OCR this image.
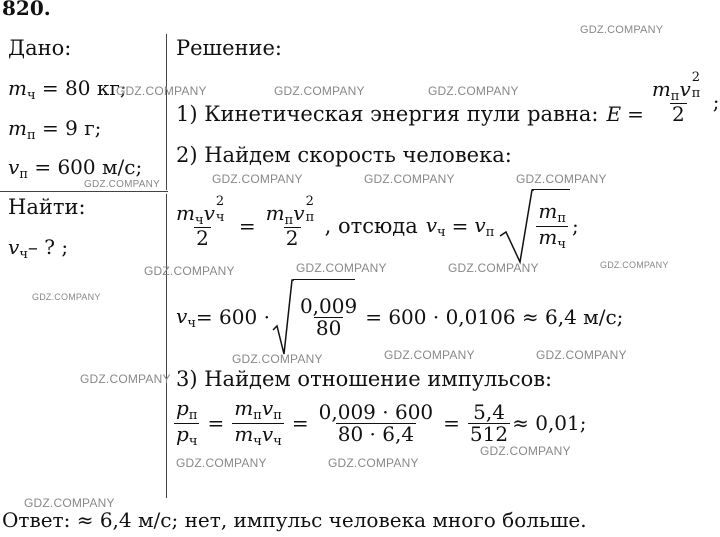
820.
Дано:
$m_ч = 80$ кг;
$m_п = 9$ г;
$v_п = 600$ м/с;
Найти:
$v_ч-$ ? ;
Решение:
1) Кинетическая энергия пули равна: $E = m_пv$ 2
п
2 ;
2) Найдем скорость человека:
$m_чv$ 2
ч
$2 = m_пv$ 2
п
2 , отсюда $v_ч = v_п \frac{m_п}{m_ч}$ ;
$v_ч = 600 \cdot \frac{0,009}{80} = 600 \cdot 0,0106 \approx 6,4$ м/с;
3) Найдем отношение импульсов:
$\frac{p_п}{p_ч} = \frac{m_пv_п}{m_чv_ч} = \frac{0,009 \cdot 600}{80 \cdot 6,4} = \frac{5,4}{512} \approx 0,01$;
Ответ: ≈ 6,4 м/с; нет, импульс человека много больше.
GDZ.COMPANY
GDZ.COMPANY	GDZ.COMPANY	GDZ.COMPANY
GDZ.COMPANY	GDZ.COMPANY	GDZ.COMPANY	GDZ.COMPANY
GDZ.COMPANY	GDZ.COMPANY	GDZ.COMPANY	GDZ.COMPANY
GDZ.COMPANY
GDZ.COMPANY	GDZ.COMPANY	GDZ.COMPANY
GDZ.COMPANY
GDZ.COMPANY
GDZ.COMPANY
GDZ.COMPANY
GDZ.COMPANY
